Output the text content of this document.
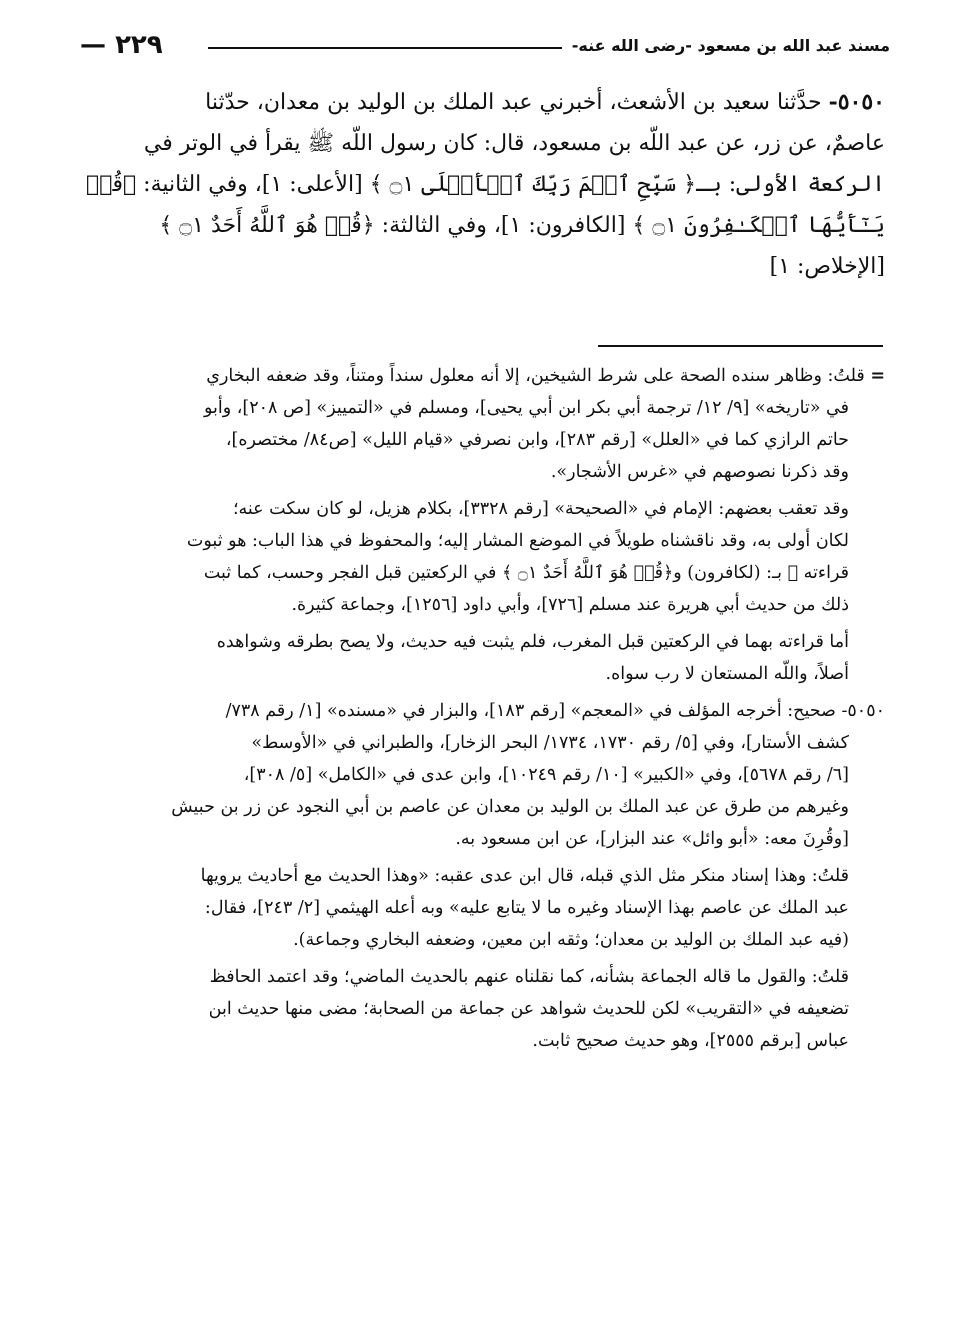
مسند عبد الله بن مسعود -رضى الله عنه-
— ٢٢٩
٥٠٥٠- حدَّثنا سعيد بن الأشعث، أخبرني عبد الملك بن الوليد بن معدان، حدّثنا
عاصمٌ، عن زر، عن عبد اللّه بن مسعود، قال: كان رسول اللّه ﷺ يقرأ في الوتر في
الركعة الأولى: بـ﴿ سَبِّحِ ٱسۡمَ رَبِّكَ ٱلۡأَعۡلَى ۝١ ﴾ [الأعلى: ١]، وفي الثانية: ﴿قُلۡ
يَـٰٓأَيُّهَا ٱلۡكَـٰفِرُونَ ۝١ ﴾ [الكافرون: ١]، وفي الثالثة: ﴿قُلۡ هُوَ ٱللَّهُ أَحَدٌ ۝١ ﴾
[الإخلاص: ١]

= قلتُ: وظاهر سنده الصحة على شرط الشيخين، إلا أنه معلول سنداً ومتناً، وقد ضعفه البخاري
في «تاريخه» [٩/ ١٢/ ترجمة أبي بكر ابن أبي يحيى]، ومسلم في «التمييز» [ص ٢٠٨]، وأبو
حاتم الرازي كما في «العلل» [رقم ٢٨٣]، وابن نصرفي «قيام الليل» [ص٨٤/ مختصره]،
وقد ذكرنا نصوصهم في «غرس الأشجار».

وقد تعقب بعضهم: الإمام في «الصحيحة» [رقم ٣٣٢٨]، بكلام هزيل، لو كان سكت عنه؛
لكان أولى به، وقد ناقشناه طويلاً في الموضع المشار إليه؛ والمحفوظ في هذا الباب: هو ثبوت
قراءته ﷺ بـ: (لكافرون) و﴿قُلۡ هُوَ ٱللَّهُ أَحَدٌ ۝١ ﴾ في الركعتين قبل الفجر وحسب، كما ثبت
ذلك من حديث أبي هريرة عند مسلم [٧٢٦]، وأبي داود [١٢٥٦]، وجماعة كثيرة.

أما قراءته بهما في الركعتين قبل المغرب، فلم يثبت فيه حديث، ولا يصح بطرقه وشواهده
أصلاً، واللّه المستعان لا رب سواه.

٥٠٥٠- صحيح: أخرجه المؤلف في «المعجم» [رقم ١٨٣]، والبزار في «مسنده» [١/ رقم ٧٣٨/
كشف الأستار]، وفي [٥/ رقم ١٧٣٠، ١٧٣٤/ البحر الزخار]، والطبراني في «الأوسط»
[٦/ رقم ٥٦٧٨]، وفي «الكبير» [١٠/ رقم ١٠٢٤٩]، وابن عدى في «الكامل» [٥/ ٣٠٨]،
وغيرهم من طرق عن عبد الملك بن الوليد بن معدان عن عاصم بن أبي النجود عن زر بن حبيش
[وقُرِنَ معه: «أبو وائل» عند البزار]، عن ابن مسعود به.

قلتُ: وهذا إسناد منكر مثل الذي قبله، قال ابن عدى عقبه: «وهذا الحديث مع أحاديث يرويها
عبد الملك عن عاصم بهذا الإسناد وغيره ما لا يتابع عليه» وبه أعله الهيثمي [٢/ ٢٤٣]، فقال:
(فيه عبد الملك بن الوليد بن معدان؛ وثقه ابن معين، وضعفه البخاري وجماعة).

قلتُ: والقول ما قاله الجماعة بشأنه، كما نقلناه عنهم بالحديث الماضي؛ وقد اعتمد الحافظ
تضعيفه في «التقريب» لكن للحديث شواهد عن جماعة من الصحابة؛ مضى منها حديث ابن
عباس [برقم ٢٥٥٥]، وهو حديث صحيح ثابت.
